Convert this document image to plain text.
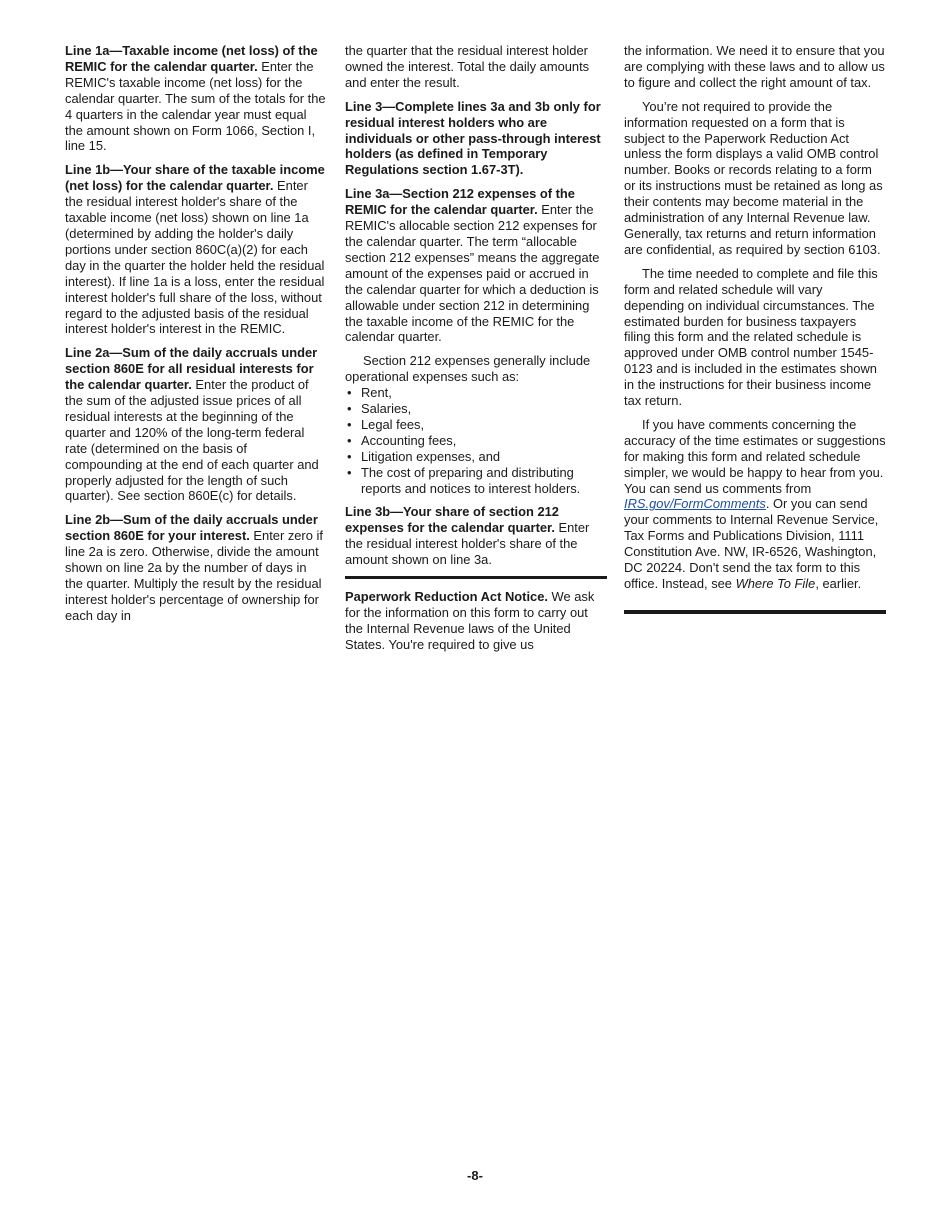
Line 1a—Taxable income (net loss) of the REMIC for the calendar quarter. Enter the REMIC's taxable income (net loss) for the calendar quarter. The sum of the totals for the 4 quarters in the calendar year must equal the amount shown on Form 1066, Section I, line 15.

Line 1b—Your share of the taxable income (net loss) for the calendar quarter. Enter the residual interest holder's share of the taxable income (net loss) shown on line 1a (determined by adding the holder's daily portions under section 860C(a)(2) for each day in the quarter the holder held the residual interest). If line 1a is a loss, enter the residual interest holder's full share of the loss, without regard to the adjusted basis of the residual interest holder's interest in the REMIC.

Line 2a—Sum of the daily accruals under section 860E for all residual interests for the calendar quarter. Enter the product of the sum of the adjusted issue prices of all residual interests at the beginning of the quarter and 120% of the long-term federal rate (determined on the basis of compounding at the end of each quarter and properly adjusted for the length of such quarter). See section 860E(c) for details.

Line 2b—Sum of the daily accruals under section 860E for your interest. Enter zero if line 2a is zero. Otherwise, divide the amount shown on line 2a by the number of days in the quarter. Multiply the result by the residual interest holder's percentage of ownership for each day in

the quarter that the residual interest holder owned the interest. Total the daily amounts and enter the result.

Line 3—Complete lines 3a and 3b only for residual interest holders who are individuals or other pass-through interest holders (as defined in Temporary Regulations section 1.67-3T).

Line 3a—Section 212 expenses of the REMIC for the calendar quarter. Enter the REMIC's allocable section 212 expenses for the calendar quarter. The term “allocable section 212 expenses” means the aggregate amount of the expenses paid or accrued in the calendar quarter for which a deduction is allowable under section 212 in determining the taxable income of the REMIC for the calendar quarter.

Section 212 expenses generally include operational expenses such as:

• Rent,
• Salaries,
• Legal fees,
• Accounting fees,
• Litigation expenses, and
• The cost of preparing and distributing reports and notices to interest holders.

Line 3b—Your share of section 212 expenses for the calendar quarter. Enter the residual interest holder's share of the amount shown on line 3a.

Paperwork Reduction Act Notice. We ask for the information on this form to carry out the Internal Revenue laws of the United States. You're required to give us

the information. We need it to ensure that you are complying with these laws and to allow us to figure and collect the right amount of tax.

You’re not required to provide the information requested on a form that is subject to the Paperwork Reduction Act unless the form displays a valid OMB control number. Books or records relating to a form or its instructions must be retained as long as their contents may become material in the administration of any Internal Revenue law. Generally, tax returns and return information are confidential, as required by section 6103.

The time needed to complete and file this form and related schedule will vary depending on individual circumstances. The estimated burden for business taxpayers filing this form and the related schedule is approved under OMB control number 1545-0123 and is included in the estimates shown in the instructions for their business income tax return.

If you have comments concerning the accuracy of the time estimates or suggestions for making this form and related schedule simpler, we would be happy to hear from you. You can send us comments from IRS.gov/FormComments. Or you can send your comments to Internal Revenue Service, Tax Forms and Publications Division, 1111 Constitution Ave. NW, IR-6526, Washington, DC 20224. Don't send the tax form to this office. Instead, see Where To File, earlier.

-8-
